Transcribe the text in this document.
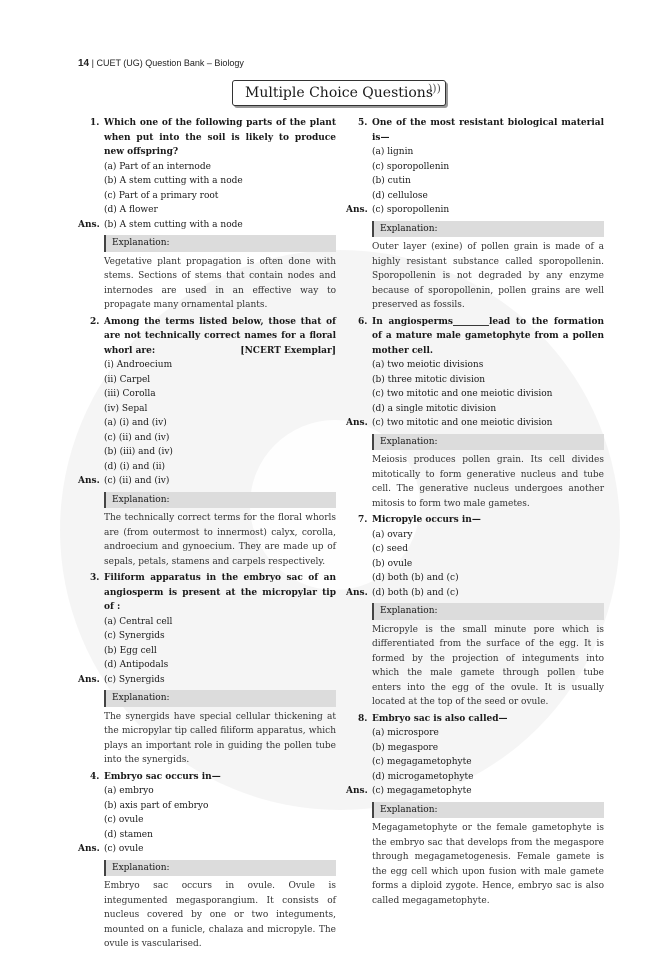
14 | CUET (UG) Question Bank – Biology
Multiple Choice Questions
)))
1. Which one of the following parts of the plant when put into the soil is likely to produce new offspring?
(a) Part of an internode
(b) A stem cutting with a node
(c) Part of a primary root
(d) A flower
Ans. (b) A stem cutting with a node
Explanation:
Vegetative plant propagation is often done with stems. Sections of stems that contain nodes and internodes are used in an effective way to propagate many ornamental plants.
2. Among the terms listed below, those that of are not technically correct names for a floral whorl are:	[NCERT Exemplar]
(i) Androecium
(ii) Carpel
(iii) Corolla
(iv) Sepal
(a) (i) and (iv)
(c) (ii) and (iv)
(b) (iii) and (iv)
(d) (i) and (ii)
Ans. (c) (ii) and (iv)
Explanation:
The technically correct terms for the floral whorls are (from outermost to innermost) calyx, corolla, androecium and gynoecium. They are made up of sepals, petals, stamens and carpels respectively.
3. Filiform apparatus in the embryo sac of an angiosperm is present at the micropylar tip of :
(a) Central cell
(c) Synergids
(b) Egg cell
(d) Antipodals
Ans. (c) Synergids
Explanation:
The synergids have special cellular thickening at the micropylar tip called filiform apparatus, which plays an important role in guiding the pollen tube into the synergids.
4. Embryo sac occurs in—
(a) embryo
(b) axis part of embryo
(c) ovule
(d) stamen
Ans. (c) ovule
Explanation:
Embryo sac occurs in ovule. Ovule is integumented megasporangium. It consists of nucleus covered by one or two integuments, mounted on a funicle, chalaza and micropyle. The ovule is vascularised.
5. One of the most resistant biological material is—
(a) lignin
(c) sporopollenin
(b) cutin
(d) cellulose
Ans. (c) sporopollenin
Explanation:
Outer layer (exine) of pollen grain is made of a highly resistant substance called sporopollenin. Sporopollenin is not degraded by any enzyme because of sporopollenin, pollen grains are well preserved as fossils.
6. In angiosperms________lead to the formation of a mature male gametophyte from a pollen mother cell.
(a) two meiotic divisions
(b) three mitotic division
(c) two mitotic and one meiotic division
(d) a single mitotic division
Ans. (c) two mitotic and one meiotic division
Explanation:
Meiosis produces pollen grain. Its cell divides mitotically to form generative nucleus and tube cell. The generative nucleus undergoes another mitosis to form two male gametes.
7. Micropyle occurs in—
(a) ovary
(c) seed
(b) ovule
(d) both (b) and (c)
Ans. (d) both (b) and (c)
Explanation:
Micropyle is the small minute pore which is differentiated from the surface of the egg. It is formed by the projection of integuments into which the male gamete through pollen tube enters into the egg of the ovule. It is usually located at the top of the seed or ovule.
8. Embryo sac is also called—
(a) microspore
(b) megaspore
(c) megagametophyte
(d) microgametophyte
Ans. (c) megagametophyte
Explanation:
Megagametophyte or the female gametophyte is the embryo sac that develops from the megaspore through megagametogenesis. Female gamete is the egg cell which upon fusion with male gamete forms a diploid zygote. Hence, embryo sac is also called megagametophyte.
